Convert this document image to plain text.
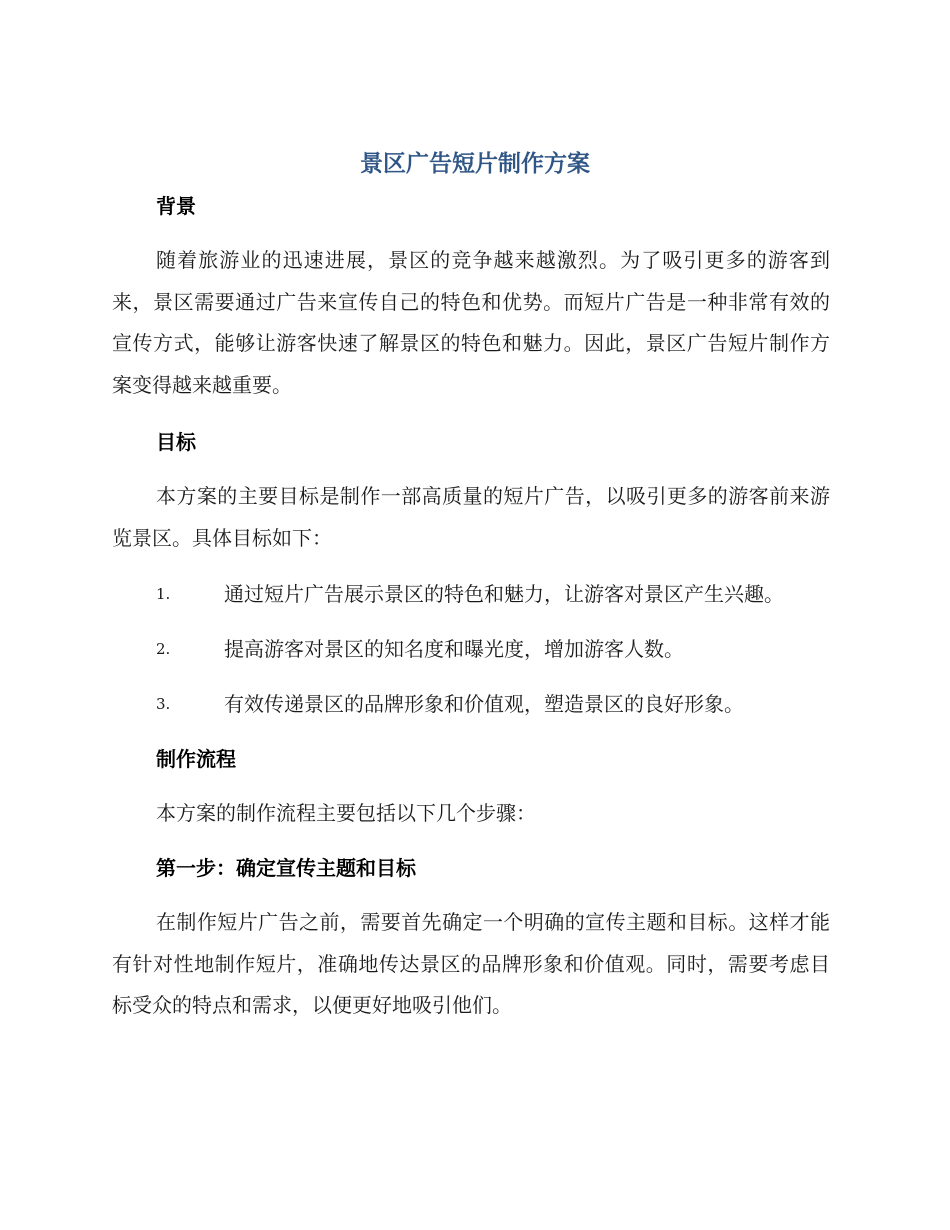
景区广告短片制作方案
背景

随着旅游业的迅速进展，景区的竞争越来越激烈。为了吸引更多的游客到来，景区需要通过广告来宣传自己的特色和优势。而短片广告是一种非常有效的宣传方式，能够让游客快速了解景区的特色和魅力。因此，景区广告短片制作方案变得越来越重要。

目标

本方案的主要目标是制作一部高质量的短片广告，以吸引更多的游客前来游览景区。具体目标如下：

1.	通过短片广告展示景区的特色和魅力，让游客对景区产生兴趣。
2.	提高游客对景区的知名度和曝光度，增加游客人数。
3.	有效传递景区的品牌形象和价值观，塑造景区的良好形象。
制作流程

本方案的制作流程主要包括以下几个步骤：

第一步：确定宣传主题和目标

在制作短片广告之前，需要首先确定一个明确的宣传主题和目标。这样才能有针对性地制作短片，准确地传达景区的品牌形象和价值观。同时，需要考虑目标受众的特点和需求，以便更好地吸引他们。
